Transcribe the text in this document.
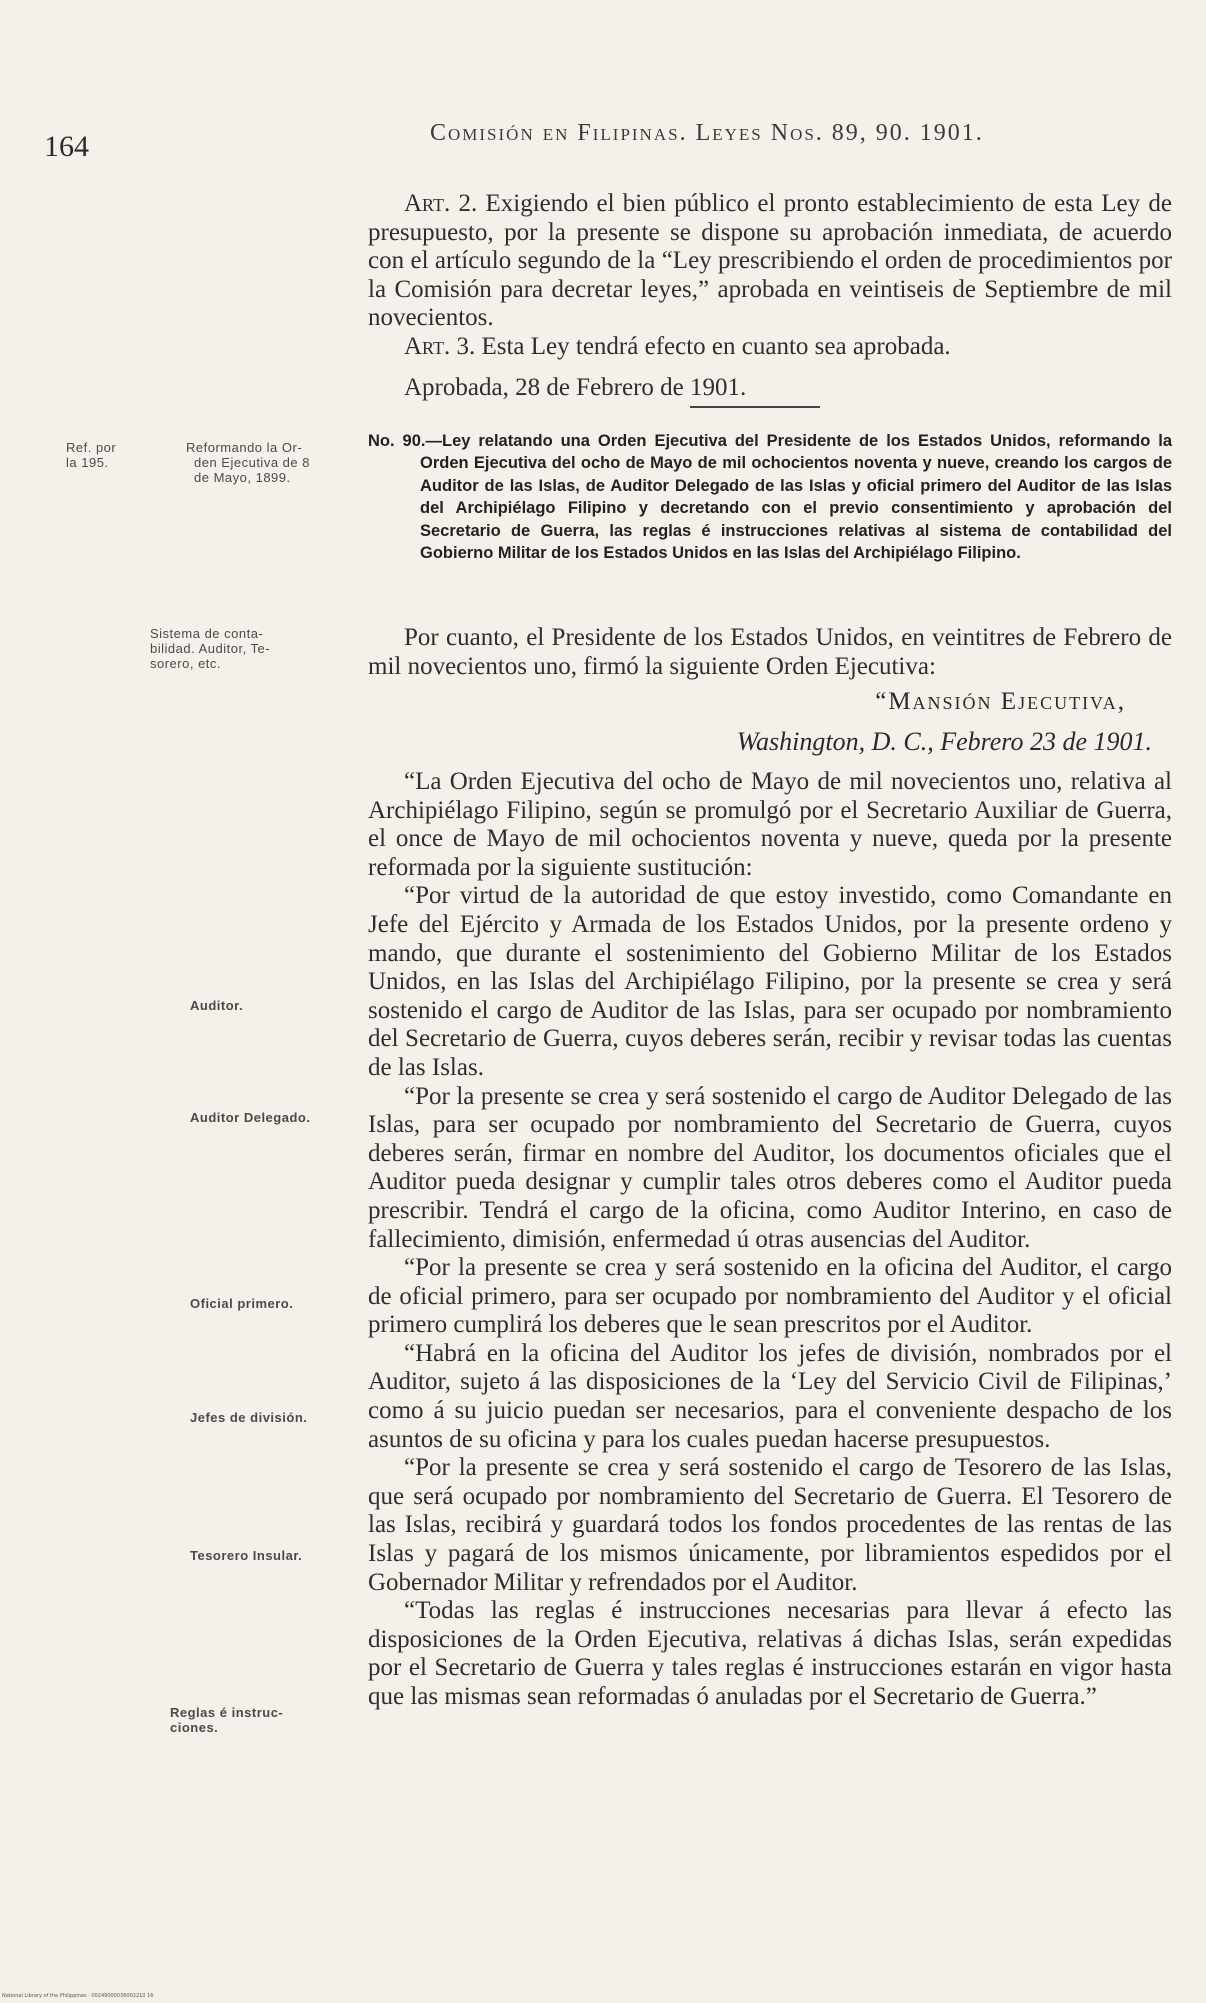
164	Comisión en Filipinas. Leyes Nos. 89, 90. 1901.

Art. 2. Exigiendo el bien público el pronto establecimiento de esta Ley de presupuesto, por la presente se dispone su aprobación inmediata, de acuerdo con el artículo segundo de la “Ley prescribiendo el orden de procedimientos por la Comisión para decretar leyes,” aprobada en veintiseis de Septiembre de mil novecientos.

Art. 3. Esta Ley tendrá efecto en cuanto sea aprobada.

Aprobada, 28 de Febrero de 1901.

Ref. por
la 195.
Reformando la Or-
den Ejecutiva de 8
de Mayo, 1899.
No. 90.—Ley relatando una Orden Ejecutiva del Presidente de los Estados Unidos, reformando la Orden Ejecutiva del ocho de Mayo de mil ochocientos noventa y nueve, creando los cargos de Auditor de las Islas, de Auditor Delegado de las Islas y oficial primero del Auditor de las Islas del Archipiélago Filipino y decretando con el previo consentimiento y aprobación del Secretario de Guerra, las reglas é instrucciones relativas al sistema de contabilidad del Gobierno Militar de los Estados Unidos en las Islas del Archipiélago Filipino.
Sistema de conta-
bilidad. Auditor, Te-
sorero, etc.

Por cuanto, el Presidente de los Estados Unidos, en veintitres de Febrero de mil novecientos uno, firmó la siguiente Orden Ejecutiva:

“Mansión Ejecutiva,
Washington, D. C., Febrero 23 de 1901.

“La Orden Ejecutiva del ocho de Mayo de mil novecientos uno, relativa al Archipiélago Filipino, según se promulgó por el Secretario Auxiliar de Guerra, el once de Mayo de mil ochocientos noventa y nueve, queda por la presente reformada por la siguiente sustitución:

“Por virtud de la autoridad de que estoy investido, como Comandante en Jefe del Ejército y Armada de los Estados Unidos, por la presente ordeno y mando, que durante el sostenimiento del Gobierno Militar de los Estados Unidos, en las Islas del Archipiélago Filipino, por la presente se crea y será sostenido el cargo de Auditor de las Islas, para ser ocupado por nombramiento del Secretario de Guerra, cuyos deberes serán, recibir y revisar todas las cuentas de las Islas.

“Por la presente se crea y será sostenido el cargo de Auditor Delegado de las Islas, para ser ocupado por nombramiento del Secretario de Guerra, cuyos deberes serán, firmar en nombre del Auditor, los documentos oficiales que el Auditor pueda designar y cumplir tales otros deberes como el Auditor pueda prescribir. Tendrá el cargo de la oficina, como Auditor Interino, en caso de fallecimiento, dimisión, enfermedad ú otras ausencias del Auditor.

“Por la presente se crea y será sostenido en la oficina del Auditor, el cargo de oficial primero, para ser ocupado por nombramiento del Auditor y el oficial primero cumplirá los deberes que le sean prescritos por el Auditor.

“Habrá en la oficina del Auditor los jefes de división, nombrados por el Auditor, sujeto á las disposiciones de la ‘Ley del Servicio Civil de Filipinas,’ como á su juicio puedan ser necesarios, para el conveniente despacho de los asuntos de su oficina y para los cuales puedan hacerse presupuestos.

“Por la presente se crea y será sostenido el cargo de Tesorero de las Islas, que será ocupado por nombramiento del Secretario de Guerra. El Tesorero de las Islas, recibirá y guardará todos los fondos procedentes de las rentas de las Islas y pagará de los mismos únicamente, por libramientos espedidos por el Gobernador Militar y refrendados por el Auditor.

“Todas las reglas é instrucciones necesarias para llevar á efecto las disposiciones de la Orden Ejecutiva, relativas á dichas Islas, serán expedidas por el Secretario de Guerra y tales reglas é instrucciones estarán en vigor hasta que las mismas sean reformadas ó anuladas por el Secretario de Guerra.”

Auditor.
Auditor Delegado.
Oficial primero.
Jefes de división.
Tesorero Insular.
Reglas é instruc-
ciones.
National Library of the Philippines · 00249000036002210 16
